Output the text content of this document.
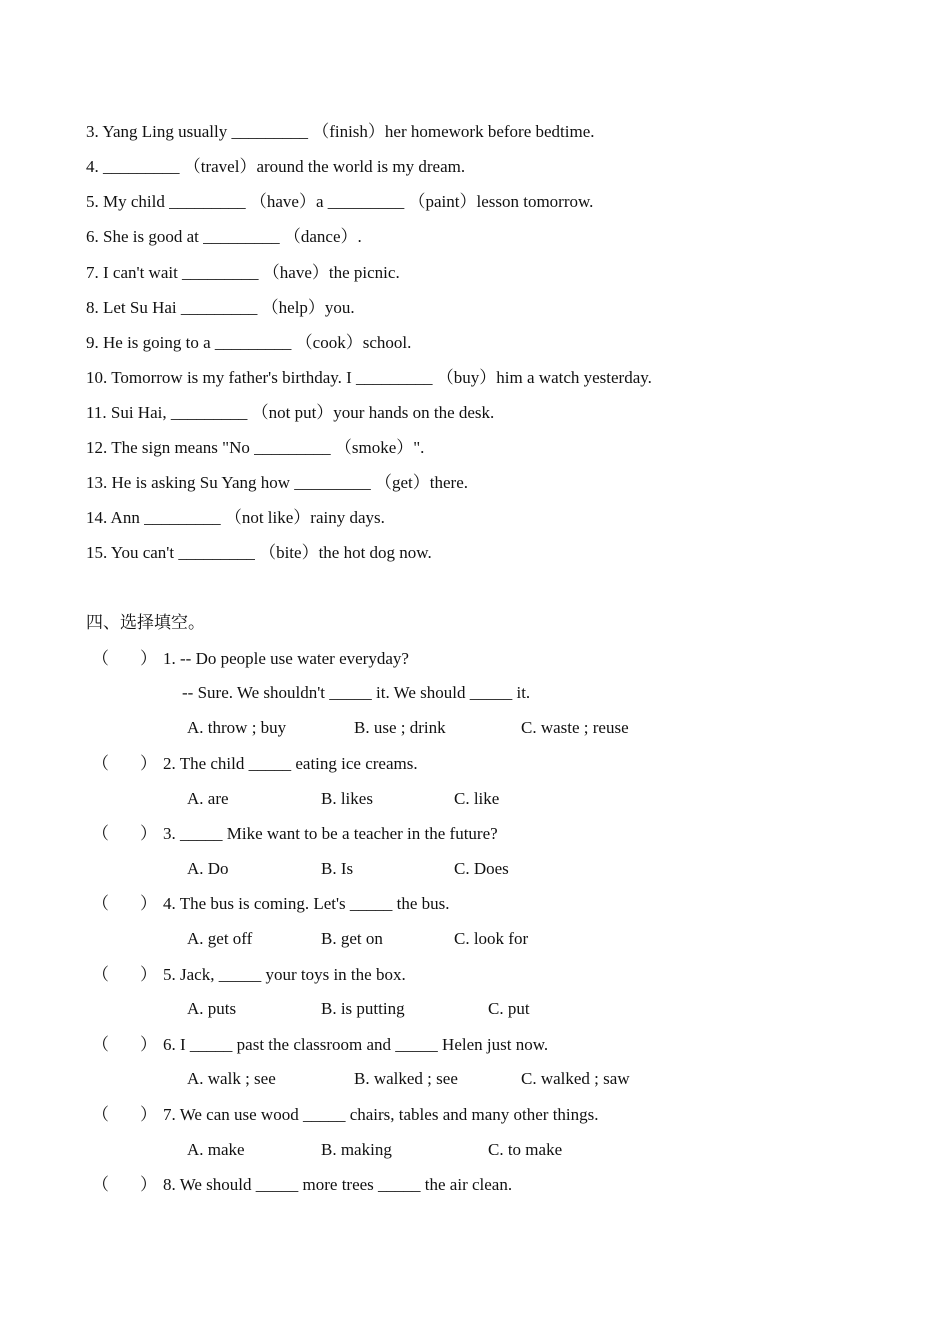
3. Yang Ling usually _________ （finish）her homework before bedtime.
4. _________ （travel）around the world is my dream.
5. My child _________ （have）a _________ （paint）lesson tomorrow.
6. She is good at _________ （dance）.
7. I can't wait _________ （have）the picnic.
8. Let Su Hai _________ （help）you.
9. He is going to a _________ （cook）school.
10. Tomorrow is my father's birthday. I _________ （buy）him a watch yesterday.
11. Sui Hai, _________ （not put）your hands on the desk.
12. The sign means "No _________ （smoke）".
13. He is asking Su Yang how _________ （get）there.
14. Ann _________ （not like）rainy days.
15. You can't _________ （bite）the hot dog now.
四、选择填空。
（ ） 1. -- Do people use water everyday?
-- Sure. We shouldn't _____ it. We should _____ it.
A. throw ; buy	B. use ; drink	C. waste ; reuse
（ ） 2. The child _____ eating ice creams.
A. are	B. likes	C. like
（ ） 3. _____ Mike want to be a teacher in the future?
A. Do	B. Is	C. Does
（ ） 4. The bus is coming. Let's _____ the bus.
A. get off	B. get on	C. look for
（ ） 5. Jack, _____ your toys in the box.
A. puts	B. is putting	C. put
（ ） 6. I _____ past the classroom and _____ Helen just now.
A. walk ; see	B. walked ; see	C. walked ; saw
（ ） 7. We can use wood _____ chairs, tables and many other things.
A. make	B. making	C. to make
（ ） 8. We should _____ more trees _____ the air clean.
